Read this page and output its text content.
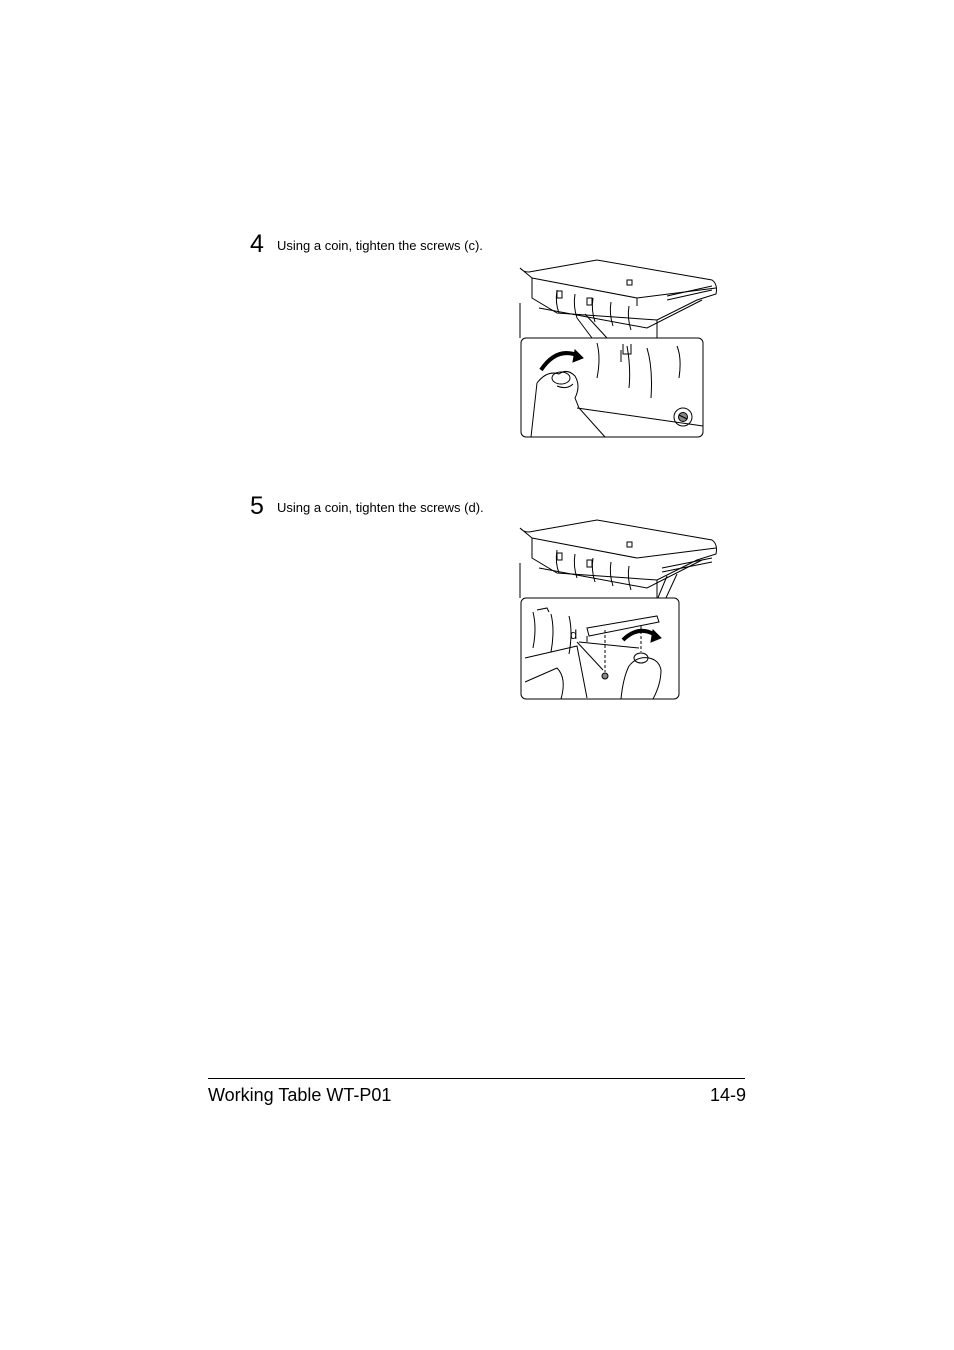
4 Using a coin, tighten the screws (c).
5 Using a coin, tighten the screws (d).
d
Working Table WT-P01	14-9
